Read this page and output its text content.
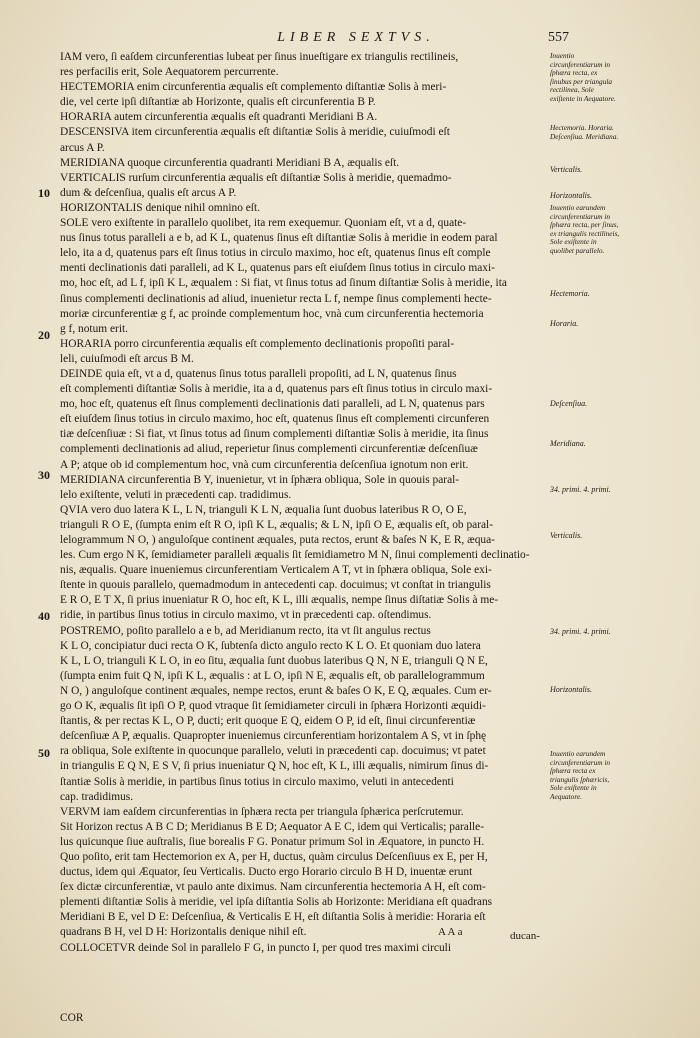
LIBER SEXTVS.	557

IAM vero, ſi eaſdem circunferentias lubeat per ſinus inueſtigare ex triangulis rectilineis,

res perfacilis erit, Sole Aequatorem percurrente.

HECTEMORIA enim circunferentia æqualis eſt complemento diſtantiæ Solis à meri-

die, vel certe ipſi diſtantiæ ab Horizonte, qualis eſt circunferentia B P.

HORARIA autem circunferentia æqualis eſt quadranti Meridiani B A.

DESCENSIVA item circunferentia æqualis eſt diſtantiæ Solis à meridie, cuiuſmodi eſt

arcus A P.

MERIDIANA quoque circunferentia quadranti Meridiani B A, æqualis eſt.

VERTICALIS rurſum circunferentia æqualis eſt diſtantiæ Solis à meridie, quemadmo-

dum & deſcenſiua, qualis eſt arcus A P.

HORIZONTALIS denique nihil omnino eſt.

SOLE vero exiſtente in parallelo quolibet, ita rem exequemur. Quoniam eſt, vt a d, quate-

nus ſinus totus paralleli a e b, ad K L, quatenus ſinus eſt diſtantiæ Solis à meridie in eodem paral

lelo, ita a d, quatenus pars eſt ſinus totius in circulo maximo, hoc eſt, quatenus ſinus eſt comple

menti declinationis dati paralleli, ad K L, quatenus pars eſt eiuſdem ſinus totius in circulo maxi-

mo, hoc eſt, ad L f, ipſi K L, æqualem : Si fiat, vt ſinus totus ad ſinum diſtantiæ Solis à meridie, ita

ſinus complementi declinationis ad aliud, inuenietur recta L f, nempe ſinus complementi hecte-

moriæ circunferentiæ g f, ac proinde complementum hoc, vnà cum circunferentia hectemoria

g f, notum erit.

HORARIA porro circunferentia æqualis eſt complemento declinationis propoſiti paral-

leli, cuiuſmodi eſt arcus B M.

DEINDE quia eſt, vt a d, quatenus ſinus totus paralleli propoſiti, ad L N, quatenus ſinus

eſt complementi diſtantiæ Solis à meridie, ita a d, quatenus pars eſt ſinus totius in circulo maxi-

mo, hoc eſt, quatenus eſt ſinus complementi declinationis dati paralleli, ad L N, quatenus pars

eſt eiuſdem ſinus totius in circulo maximo, hoc eſt, quatenus ſinus eſt complementi circunferen

tiæ deſcenſiuæ : Si fiat, vt ſinus totus ad ſinum complementi diſtantiæ Solis à meridie, ita ſinus

complementi declinationis ad aliud, reperietur ſinus complementi circunferentiæ deſcenſiuæ

A P; atque ob id complementum hoc, vnà cum circunferentia deſcenſiua ignotum non erit.

MERIDIANA circunferentia B Y, inuenietur, vt in ſphæra obliqua, Sole in quouis paral-

lelo exiſtente, veluti in præcedenti cap. tradidimus.

QVIA vero duo latera K L, L N, trianguli K L N, æqualia ſunt duobus lateribus R O, O E,

trianguli R O E, (ſumpta enim eſt R O, ipſi K L, æqualis; & L N, ipſi O E, æqualis eſt, ob paral-

lelogrammum N O, ) anguloſque continent æquales, puta rectos, erunt & baſes N K, E R, æqua-

les. Cum ergo N K, ſemidiameter paralleli æqualis ſit ſemidiametro M N, ſinui complementi declinatio-

nis, æqualis. Quare inueniemus circunferentiam Verticalem A T, vt in ſphæra obliqua, Sole exi-

ſtente in quouis parallelo, quemadmodum in antecedenti cap. docuimus; vt conſtat in triangulis

E R O, E T X, ſi prius inueniatur R O, hoc eſt, K L, illi æqualis, nempe ſinus diſtatiæ Solis à me-

ridie, in partibus ſinus totius in circulo maximo, vt in præcedenti cap. oſtendimus.

POSTREMO, poſito parallelo a e b, ad Meridianum recto, ita vt ſit angulus rectus

K L O, concipiatur duci recta O K, ſubtenſa dicto angulo recto K L O. Et quoniam duo latera

K L, L O, trianguli K L O, in eo ſitu, æqualia ſunt duobus lateribus Q N, N E, trianguli Q N E,

(ſumpta enim fuit Q N, ipſi K L, æqualis : at L O, ipſi N E, æqualis eſt, ob parallelogrammum

N O, ) anguloſque continent æquales, nempe rectos, erunt & baſes O K, E Q, æquales. Cum er-

go O K, æqualis ſit ipſi O P, quod vtraque ſit ſemidiameter circuli in ſphæra Horizonti æquidi-

ſtantis, & per rectas K L, O P, ducti; erit quoque E Q, eidem O P, id eſt, ſinui circunferentiæ

deſcenſiuæ A P, æqualis. Quapropter inueniemus circunferentiam horizontalem A S, vt in ſphę

ra obliqua, Sole exiſtente in quocunque parallelo, veluti in præcedenti cap. docuimus; vt patet

in triangulis E Q N, E S V, ſi prius inueniatur Q N, hoc eſt, K L, illi æqualis, nimirum ſinus di-

ſtantiæ Solis à meridie, in partibus ſinus totius in circulo maximo, veluti in antecedenti

cap. tradidimus.

VERVM iam eaſdem circunferentias in ſphæra recta per triangula ſphærica perſcrutemur.

Sit Horizon rectus A B C D; Meridianus B E D; Aequator A E C, idem qui Verticalis; paralle-

lus quicunque ſiue auſtralis, ſiue borealis F G. Ponatur primum Sol in Æquatore, in puncto H.

Quo poſito, erit tam Hectemorion ex A, per H, ductus, quàm circulus Deſcenſiuus ex E, per H,

ductus, idem qui Æquator, ſeu Verticalis. Ducto ergo Horario circulo B H D, inuentæ erunt

ſex dictæ circunferentiæ, vt paulo ante diximus. Nam circunferentia hectemoria A H, eſt com-

plementi diſtantiæ Solis à meridie, vel ipſa diſtantia Solis ab Horizonte: Meridiana eſt quadrans

Meridiani B E, vel D E: Deſcenſiua, & Verticalis E H, eſt diſtantia Solis à meridie: Horaria eſt

quadrans B H, vel D H: Horizontalis denique nihil eſt.

COLLOCETVR deinde Sol in parallelo F G, in puncto I, per quod tres maximi circuli

10
20
30
40
50
Inuentio circunferentiarum in ſphæra recta, ex ſinubus per triangula rectilinea, Sole exiſtente in Aequatore.
Hectemoria. Horaria. Deſcenſiua. Meridiana.
Verticalis.
Horizontalis.
Inuentio earundem circunferentiarum in ſphæra recta, per ſinus, ex triangulis rectilineis, Sole exiſtente in quolibet parallelo.
Hectemoria.
Horaria.
Deſcenſiua.
Meridiana.
34. primi. 4. primi.
Verticalis.
34. primi. 4. primi.
Horizontalis.
Inuentio earundem circunferentiarum in ſphæra recta ex triangulis ſphæricis, Sole exiſtente in Aequatore.
A A a	ducan-
COR
